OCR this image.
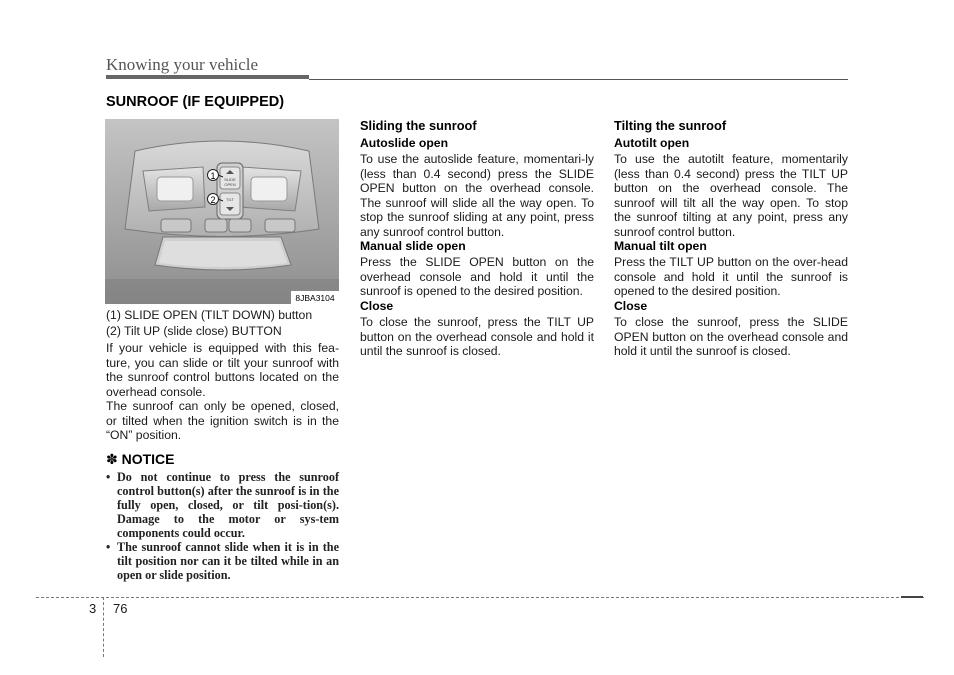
Knowing your vehicle
SUNROOF (IF EQUIPPED)
SLIDE
OPEN
TILT
1
2
8JBA3104
(1) SLIDE OPEN (TILT DOWN) button
(2) Tilt UP (slide close) BUTTON
If your vehicle is equipped with this fea-ture, you can slide or tilt your sunroof with the sunroof control buttons located on the overhead console.
The sunroof can only be opened, closed, or tilted when the ignition switch is in the “ON” position.
✽ NOTICE
• Do not continue to press the sunroof control button(s) after the sunroof is in the fully open, closed, or tilt posi-tion(s). Damage to the motor or sys-tem components could occur.
• The sunroof cannot slide when it is in the tilt position nor can it be tilted while in an open or slide position.
Sliding the sunroof
Autoslide open
To use the autoslide feature, momentari-ly (less than 0.4 second) press the SLIDE OPEN button on the overhead console. The sunroof will slide all the way open. To stop the sunroof sliding at any point, press any sunroof control button.
Manual slide open
Press the SLIDE OPEN button on the overhead console and hold it until the sunroof is opened to the desired position.
Close
To close the sunroof, press the TILT UP button on the overhead console and hold it until the sunroof is closed.
Tilting the sunroof
Autotilt open
To use the autotilt feature, momentarily (less than 0.4 second) press the TILT UP button on the overhead console. The sunroof will tilt all the way open. To stop the sunroof tilting at any point, press any sunroof control button.
Manual tilt open
Press the TILT UP button on the over-head console and hold it until the sunroof is opened to the desired position.
Close
To close the sunroof, press the SLIDE OPEN button on the overhead console and hold it until the sunroof is closed.
3 76
